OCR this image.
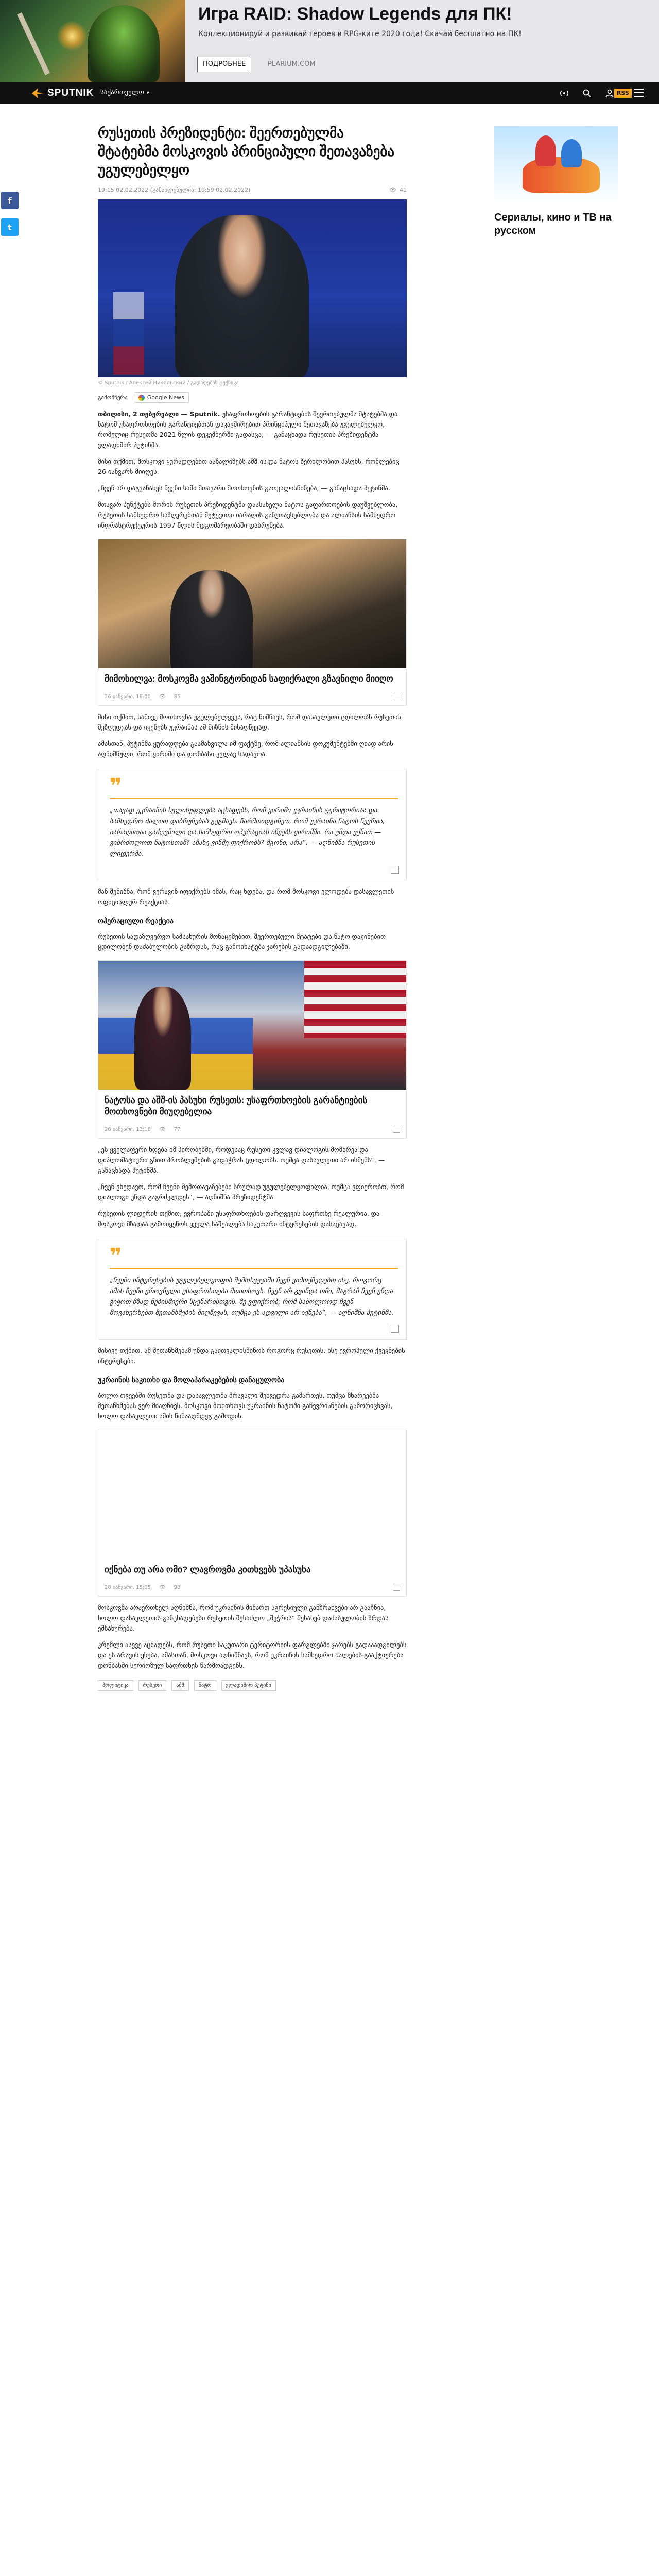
Игра RAID: Shadow Legends для ПК!
Коллекционируй и развивай героев в RPG-ките 2020 года! Скачай бесплатно на ПК!
ПОДРОБНЕЕ	PLARIUM.COM
SPUTNIK საქართველო ▾	RSS
f
t
Сериалы, кино и ТВ на русском
რუსეთის პრეზიდენტი: შეერთებულმა შტატებმა მოსკოვის პრინციპული შეთავაზება უგულებელყო
19:15 02.02.2022 (განახლებულია: 19:59 02.02.2022)	👁 41
© Sputnik / Алексей Никольский / გადაღების ტექნიკა
გამომწერა	Google News

თბილისი, 2 თებერვალი — Sputnik. უსაფრთხოების გარანტიების შეერთებულმა შტატებმა და ნატომ უსაფრთხოების გარანტიებთან დაკავშირებით პრინციპული შეთავაზება უგულებელყო, რომელიც რუსეთმა 2021 წლის დეკემბერში გადასცა, — განაცხადა რუსეთის პრეზიდენტმა ვლადიმირ პუტინმა.

მისი თქმით, მოსკოვი ყურადღებით აანალიზებს აშშ-ის და ნატოს წერილობით პასუხს, რომლებიც 26 იანვარს მიიღეს.

„ჩვენ არ დაგვანახეს ჩვენი სამი მთავარი მოთხოვნის გათვალისწინება, — განაცხადა პუტინმა.

მთავარ პუნქტებს შორის რუსეთის პრეზიდენტმა დაასახელა ნატოს გაფართოების დაუშვებლობა, რუსეთის სამხედრო საზღვრებთან შეტევითი იარაღის განუთავსებლობა და ალიანსის სამხედრო ინფრასტრუქტურის 1997 წლის მდგომარეობაში დაბრუნება.

მიმოხილვა: მოსკოვმა ვაშინგტონიდან საფიქრალი გზავნილი მიიღო
26 იანვარი, 16:00 👁 85

მისი თქმით, სამივე მოთხოვნა უგულებელყვეს, რაც ნიშნავს, რომ დასავლეთი ცდილობს რუსეთის შეზღუდვას და იყენებს უკრაინას ამ მიზნის მისაღწევად.

ამასთან, პუტინმა ყურადღება გაამახვილა იმ ფაქტზე, რომ ალიანსის დოკუმენტებში ღიად არის აღნიშნული, რომ ყირიმი და დონბასი კვლავ სადავოა.

❞
„თავად უკრაინის ხელისუფლება აცხადებს, რომ ყირიმი უკრაინის ტერიტორიაა და სამხედრო ძალით დაბრუნებას გეგმავს. წარმოიდგინეთ, რომ უკრაინა ნატოს წევრია, იარაღითაა გაძღვნილი და სამხედრო ოპერაციას იწყებს ყირიმში. რა უნდა ვქნათ — ვიბრძოლოთ ნატოსთან? ამაზე ვინმე ფიქრობს? მგონი, არა“, — აღნიშნა რუსეთის ლიდერმა.

მან შენიშნა, რომ ვერავინ იფიქრებს იმას, რაც ხდება, და რომ მოსკოვი ელოდება დასავლეთის ოფიციალურ რეაქციას.

ოპერაციული რეაქცია

რუსეთის სადაზღვერვო სამსახურის მონაცემებით, შეერთებული შტატები და ნატო დაჟინებით ცდილობენ დაძაბულობის გაზრდას, რაც გამოიხატება ჯარების გადაადგილებაში.

ნატოსა და აშშ-ის პასუხი რუსეთს: უსაფრთხოების გარანტიების მოთხოვნები მიუღებელია
26 იანვარი, 13:16 👁 77

„ეს ყველაფერი ხდება იმ პირობებში, როდესაც რუსეთი კვლავ დიალოგის მომხრეა და დიპლომატიური გზით პრობლემების გადაჭრას ცდილობს. თუმცა დასავლეთი არ ისმენს“, — განაცხადა პუტინმა.

„ჩვენ ვხედავთ, რომ ჩვენი შემოთავაზებები სრულად უგულებელყოფილია, თუმცა ვფიქრობთ, რომ დიალოგი უნდა გაგრძელდეს“, — აღნიშნა პრეზიდენტმა.

რუსეთის ლიდერის თქმით, ევროპაში უსაფრთხოების დარღვევის საფრთხე რეალურია, და მოსკოვი მზადაა გამოიყენოს ყველა საშუალება საკუთარი ინტერესების დასაცავად.

❞
„ჩვენი ინტერესების უგულებელყოფის შემთხვევაში ჩვენ ვიმოქმედებთ ისე, როგორც ამას ჩვენი ეროვნული უსაფრთხოება მოითხოვს. ჩვენ არ გვინდა ომი, მაგრამ ჩვენ უნდა ვიყოთ მზად ნებისმიერი სცენარისთვის. მე ვფიქრობ, რომ საბოლოოდ ჩვენ მოვახერხებთ შეთანხმების მიღწევას, თუმცა ეს ადვილი არ იქნება“, — აღნიშნა პუტინმა.

მისივე თქმით, ამ შეთანხმებამ უნდა გაითვალისწინოს როგორც რუსეთის, ისე ევროპული ქვეყნების ინტერესები.

უკრაინის საკითხი და მოლაპარაკებების დანაცულობა

ბოლო თვეებში რუსეთმა და დასავლეთმა მრავალი შეხვედრა გამართეს, თუმცა მხარეებმა შეთანხმებას ვერ მიაღწიეს. მოსკოვი მოითხოვს უკრაინის ნატოში გაწევრიანების გამორიცხვას, ხოლო დასავლეთი ამის წინააღმდეგ გამოდის.

იქნება თუ არა ომი? ლავროვმა კითხვებს უპასუხა
28 იანვარი, 15:05 👁 98

მოსკოვმა არაერთხელ აღნიშნა, რომ უკრაინის მიმართ აგრესიული განზრახვები არ გააჩნია, ხოლო დასავლეთის განცხადებები რუსეთის შესაძლო „შეჭრის“ შესახებ დაძაბულობის ზრდას ემსახურება.

კრემლი ასევე აცხადებს, რომ რუსეთი საკუთარი ტერიტორიის ფარგლებში ჯარებს გადააადგილებს და ეს არავის ეხება. ამასთან, მოსკოვი აღნიშნავს, რომ უკრაინის სამხედრო ძალების გააქტიურება დონბასში სერიოზულ საფრთხეს წარმოადგენს.

პოლიტიკა	რუსეთი	აშშ	ნატო	ვლადიმირ პუტინი
